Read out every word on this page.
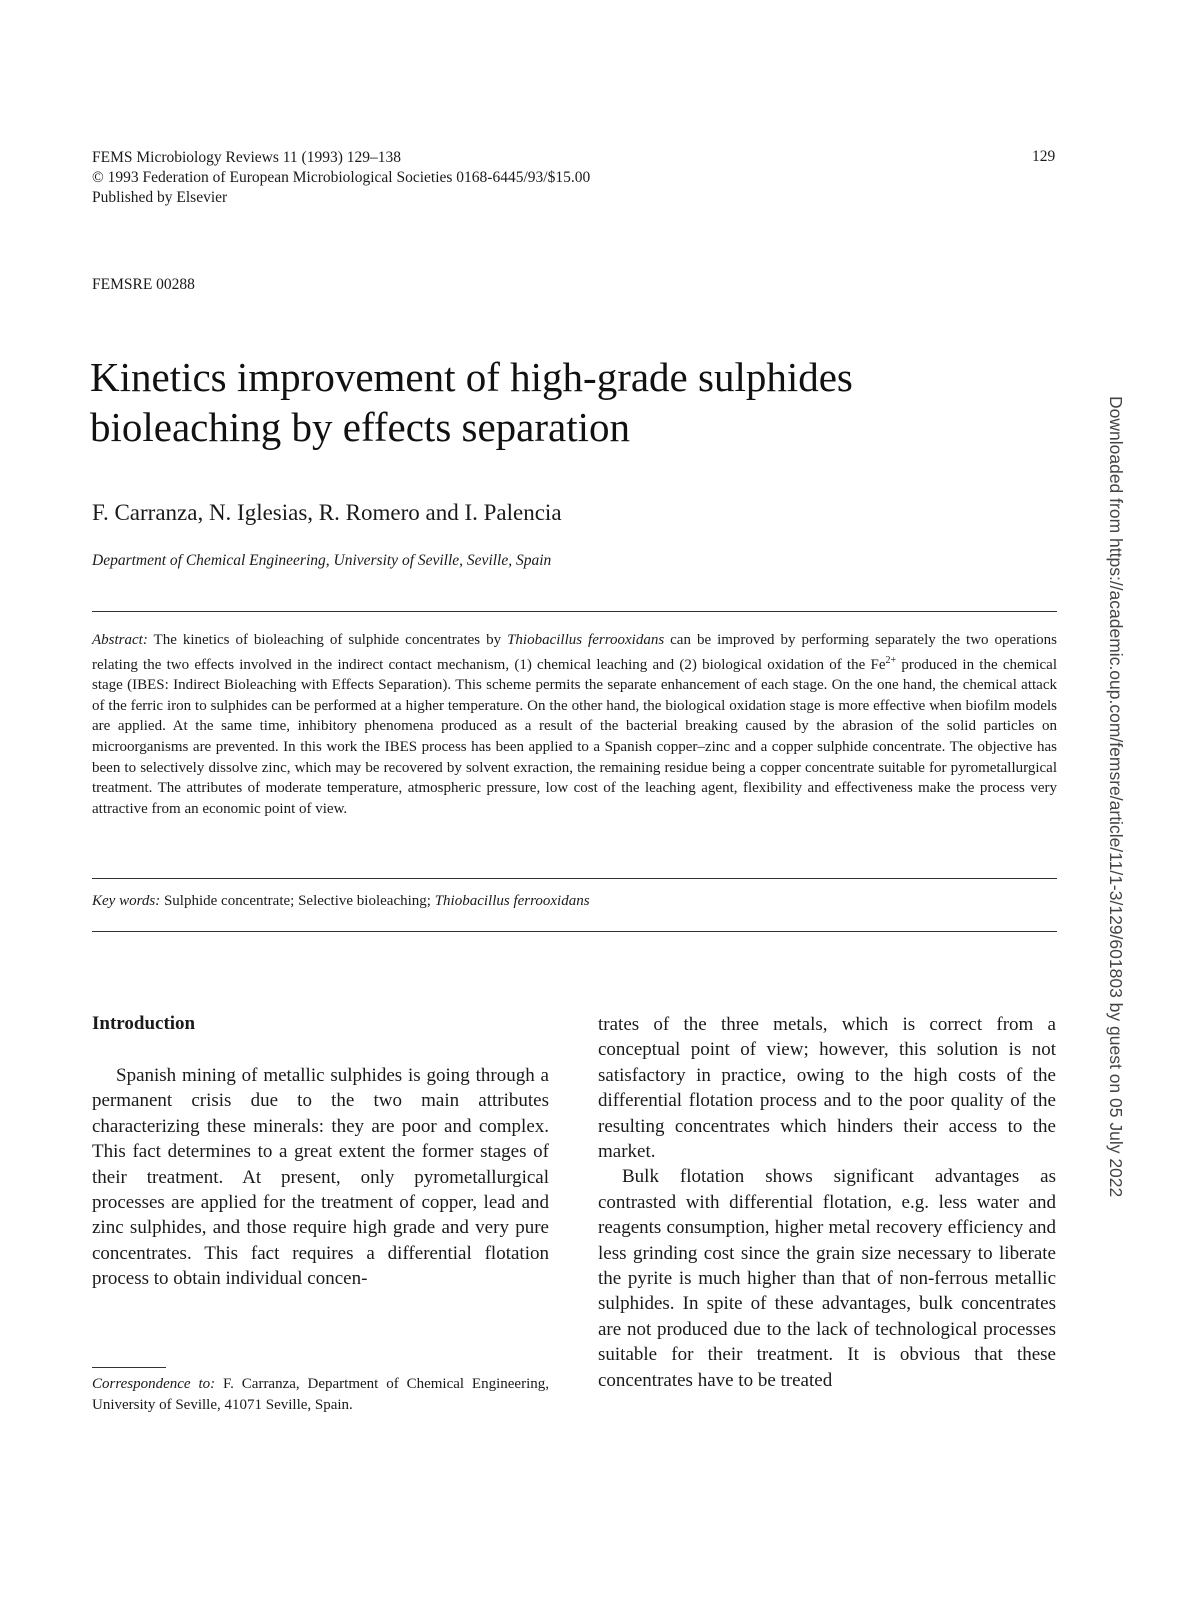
FEMS Microbiology Reviews 11 (1993) 129–138
© 1993 Federation of European Microbiological Societies 0168-6445/93/$15.00
Published by Elsevier
129
FEMSRE 00288
Kinetics improvement of high-grade sulphides bioleaching by effects separation
F. Carranza, N. Iglesias, R. Romero and I. Palencia
Department of Chemical Engineering, University of Seville, Seville, Spain
Abstract: The kinetics of bioleaching of sulphide concentrates by Thiobacillus ferrooxidans can be improved by performing separately the two operations relating the two effects involved in the indirect contact mechanism, (1) chemical leaching and (2) biological oxidation of the $Fe^{2+}$ produced in the chemical stage (IBES: Indirect Bioleaching with Effects Separation). This scheme permits the separate enhancement of each stage. On the one hand, the chemical attack of the ferric iron to sulphides can be performed at a higher temperature. On the other hand, the biological oxidation stage is more effective when biofilm models are applied. At the same time, inhibitory phenomena produced as a result of the bacterial breaking caused by the abrasion of the solid particles on microorganisms are prevented. In this work the IBES process has been applied to a Spanish copper–zinc and a copper sulphide concentrate. The objective has been to selectively dissolve zinc, which may be recovered by solvent exraction, the remaining residue being a copper concentrate suitable for pyrometallurgical treatment. The attributes of moderate temperature, atmospheric pressure, low cost of the leaching agent, flexibility and effectiveness make the process very attractive from an economic point of view.
Key words: Sulphide concentrate; Selective bioleaching; Thiobacillus ferrooxidans
Introduction
Spanish mining of metallic sulphides is going through a permanent crisis due to the two main attributes characterizing these minerals: they are poor and complex. This fact determines to a great extent the former stages of their treatment. At present, only pyrometallurgical processes are applied for the treatment of copper, lead and zinc sulphides, and those require high grade and very pure concentrates. This fact requires a differential flotation process to obtain individual concen-

trates of the three metals, which is correct from a conceptual point of view; however, this solution is not satisfactory in practice, owing to the high costs of the differential flotation process and to the poor quality of the resulting concentrates which hinders their access to the market.

Bulk flotation shows significant advantages as contrasted with differential flotation, e.g. less water and reagents consumption, higher metal recovery efficiency and less grinding cost since the grain size necessary to liberate the pyrite is much higher than that of non-ferrous metallic sulphides. In spite of these advantages, bulk concentrates are not produced due to the lack of technological processes suitable for their treatment. It is obvious that these concentrates have to be treated

Correspondence to: F. Carranza, Department of Chemical Engineering, University of Seville, 41071 Seville, Spain.
Downloaded from https://academic.oup.com/femsre/article/11/1-3/129/601803 by guest on 05 July 2022
